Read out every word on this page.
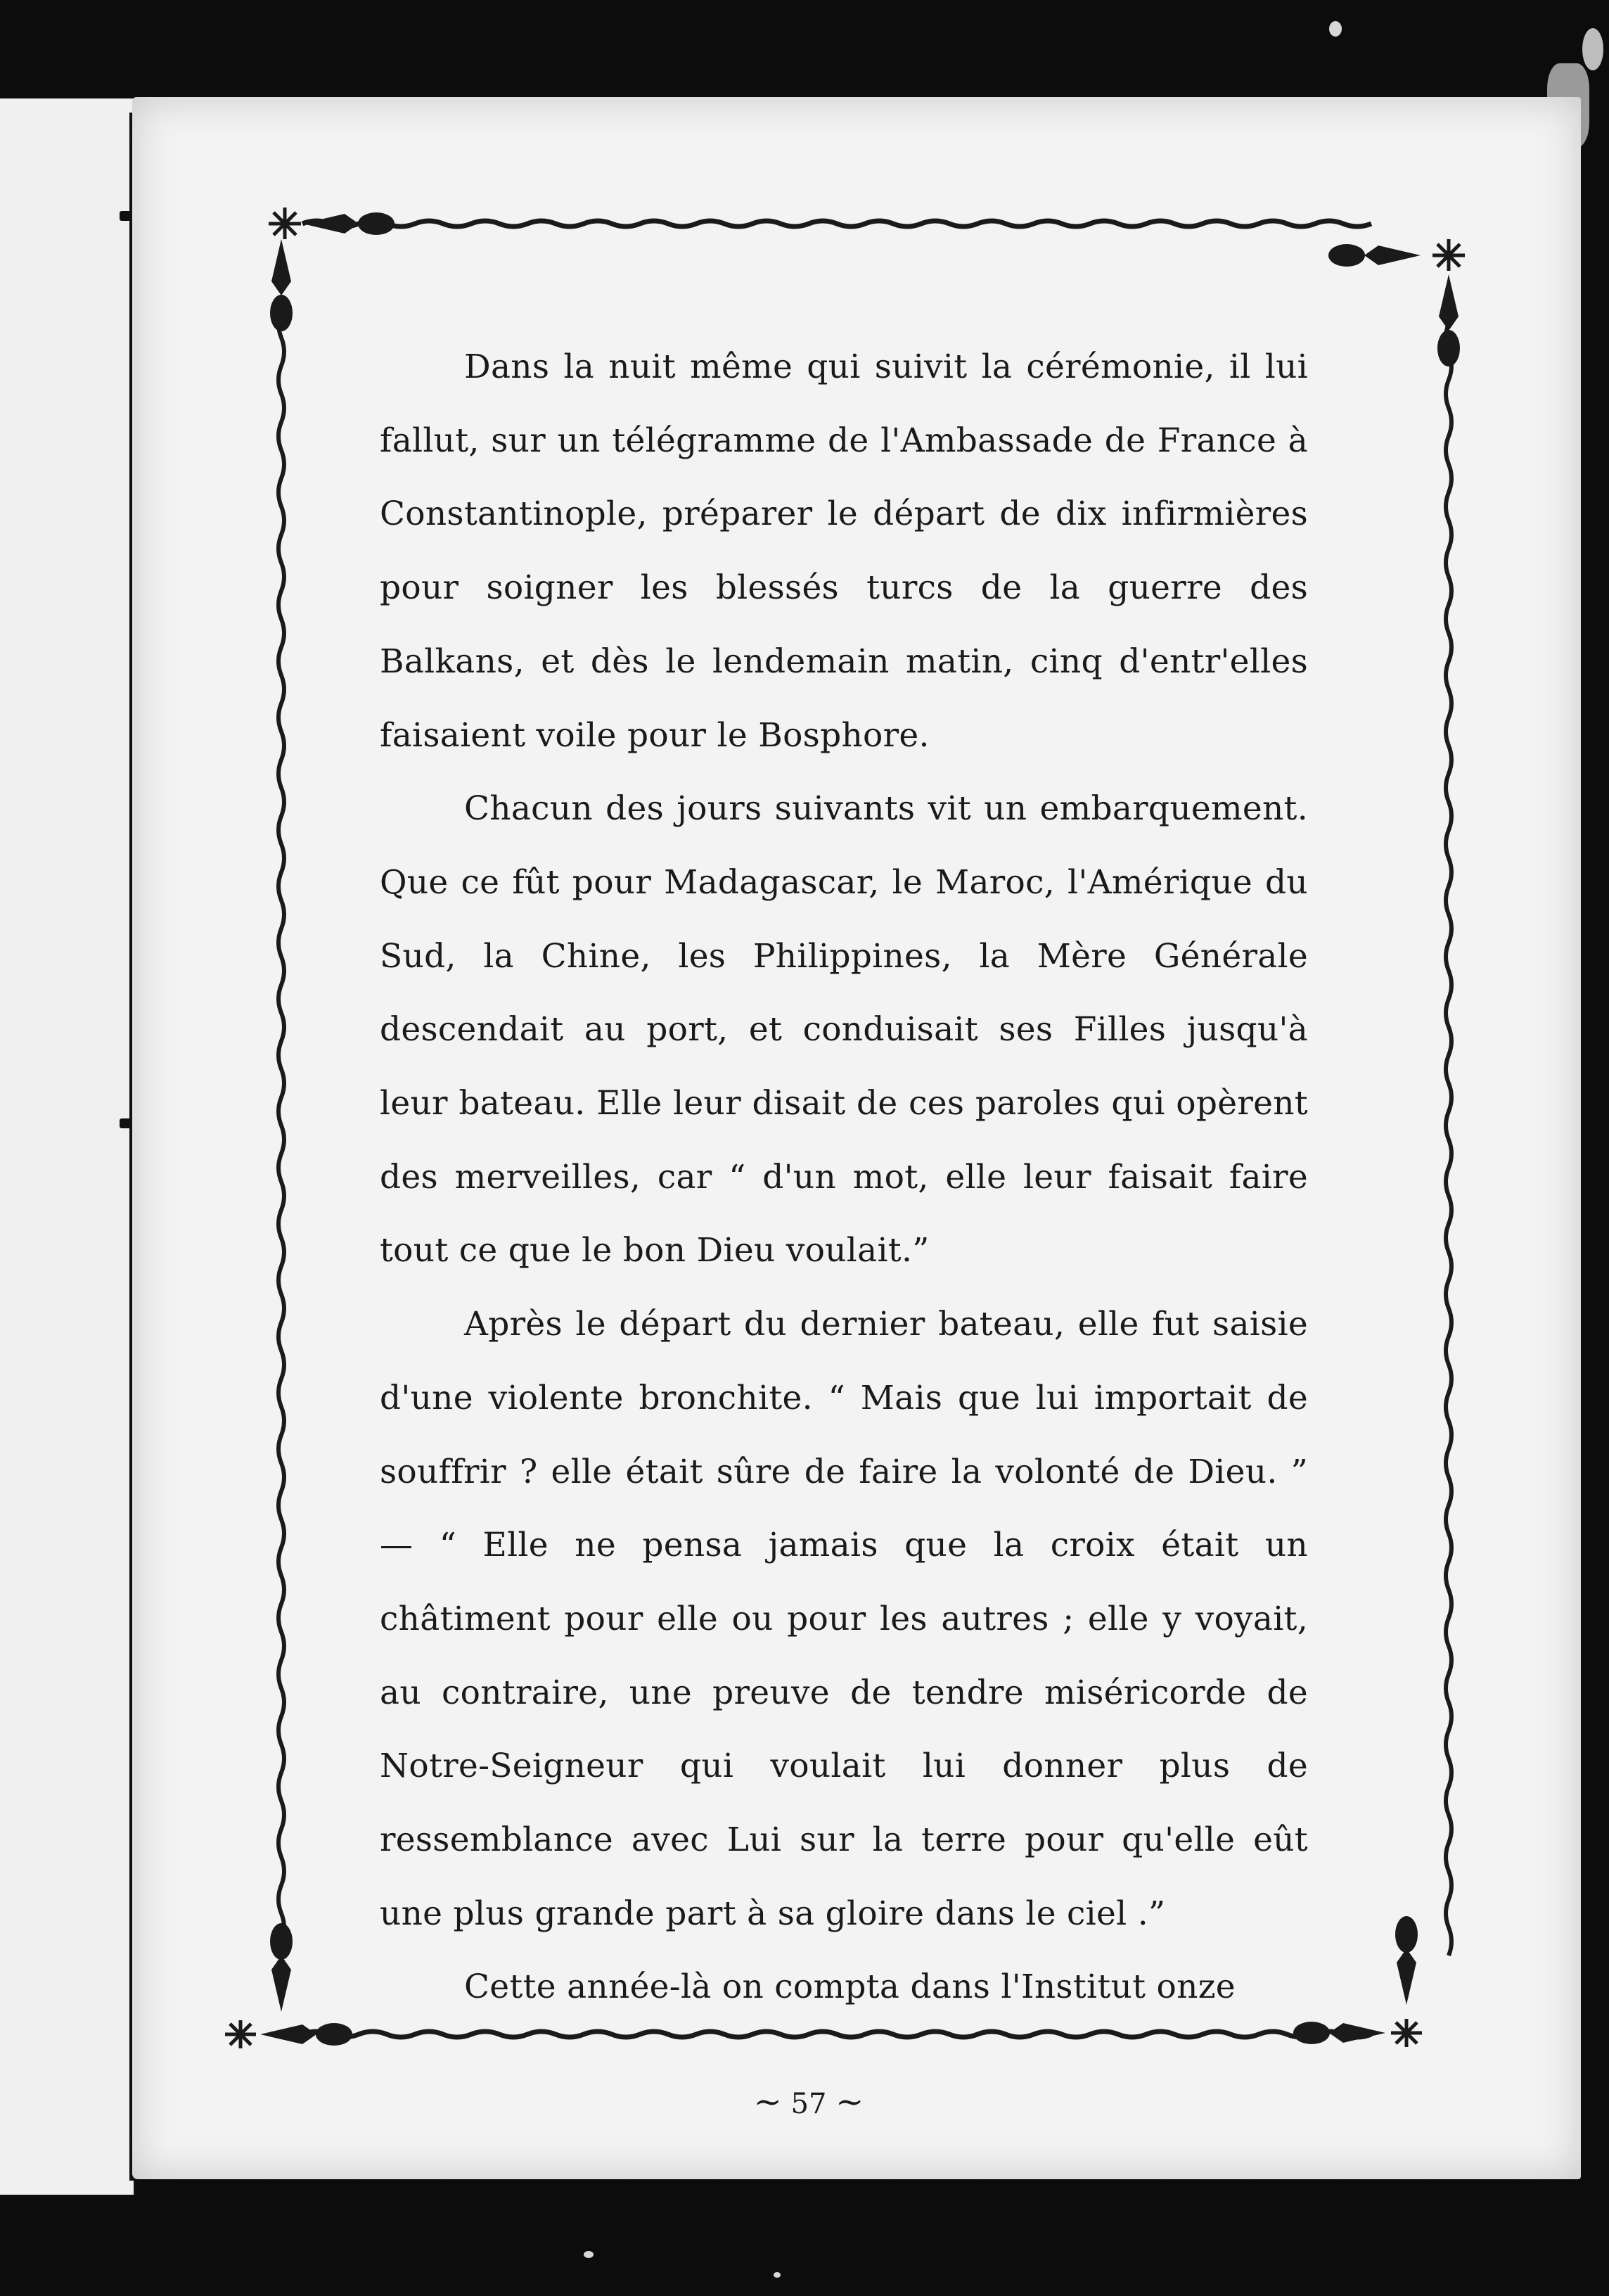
Dans la nuit même qui suivit la cérémonie, il lui fallut, sur un télégramme de l'Ambassade de France à Constantinople, préparer le départ de dix infirmières pour soigner les blessés turcs de la guerre des Balkans, et dès le lendemain matin, cinq d'entr'elles faisaient voile pour le Bosphore.

Chacun des jours suivants vit un embarquement. Que ce fût pour Madagascar, le Maroc, l'Amérique du Sud, la Chine, les Philippines, la Mère Générale descendait au port, et conduisait ses Filles jusqu'à leur bateau. Elle leur disait de ces paroles qui opèrent des merveilles, car “ d'un mot, elle leur faisait faire tout ce que le bon Dieu voulait.”

Après le départ du dernier bateau, elle fut saisie d'une violente bronchite. “ Mais que lui importait de souffrir ? elle était sûre de faire la volonté de Dieu. ” — “ Elle ne pensa jamais que la croix était un châtiment pour elle ou pour les autres ; elle y voyait, au contraire, une preuve de tendre miséricorde de Notre-Seigneur qui voulait lui donner plus de ressemblance avec Lui sur la terre pour qu'elle eût une plus grande part à sa gloire dans le ciel .”

Cette année-là on compta dans l'Institut onze

~ 57 ~
